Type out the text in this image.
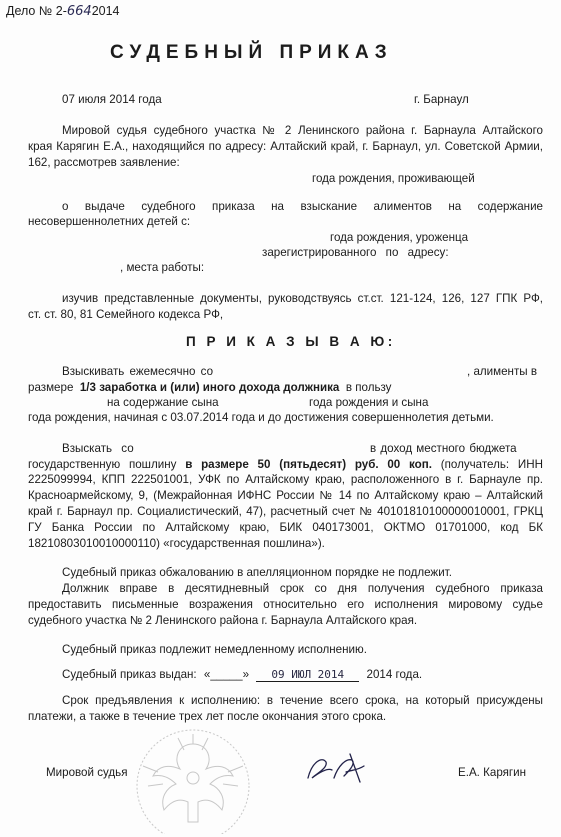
Дело № 2-6642014
СУДЕБНЫЙ ПРИКАЗ
07 июля 2014 года	г. Барнаул
Мировой судья судебного участка № 2 Ленинского района г. Барнаула Алтайского
края Карягин Е.А., находящийся по адресу: Алтайский край, г. Барнаул, ул. Советской Армии,
162, рассмотрев заявление:
года рождения, проживающей
о выдаче судебного приказа на взыскание алиментов на содержание
несовершеннолетних детей с:
года рождения, уроженца
зарегистрированного по адресу:
, места работы:
изучив представленные документы, руководствуясь ст.ст. 121-124, 126, 127 ГПК РФ,
ст. ст. 80, 81 Семейного кодекса РФ,
П Р И К А З Ы В А Ю:
Взыскивать ежемесячно со	, алименты в
размере 1/3 заработка и (или) иного дохода должника в пользу
на содержание сына	года рождения и сына
года рождения, начиная с 03.07.2014 года и до достижения совершеннолетия детьми.
Взыскать со	в доход местного бюджета
государственную пошлину в размере 50 (пятьдесят) руб. 00 коп. (получатель: ИНН
2225099994, КПП 222501001, УФК по Алтайскому краю, расположенного в г. Барнауле пр.
Красноармейскому, 9, (Межрайонная ИФНС России № 14 по Алтайскому краю – Алтайский
край г. Барнаул пр. Социалистический, 47), расчетный счет № 40101810100000010001, ГРКЦ
ГУ Банка России по Алтайскому краю, БИК 040173001, ОКТМО 01701000, код БК
18210803010010000110) «государственная пошлина»).
Судебный приказ обжалованию в апелляционном порядке не подлежит.
Должник вправе в десятидневный срок со дня получения судебного приказа
предоставить письменные возражения относительно его исполнения мировому судье
судебного участка № 2 Ленинского района г. Барнаула Алтайского края.
Судебный приказ подлежит немедленному исполнению.
Судебный приказ выдан: «_____» 09 ИЮЛ 2014 2014 года.
Срок предъявления к исполнению: в течение всего срока, на который присуждены
платежи, а также в течение трех лет после окончания этого срока.
Мировой судья	Е.А. Карягин
